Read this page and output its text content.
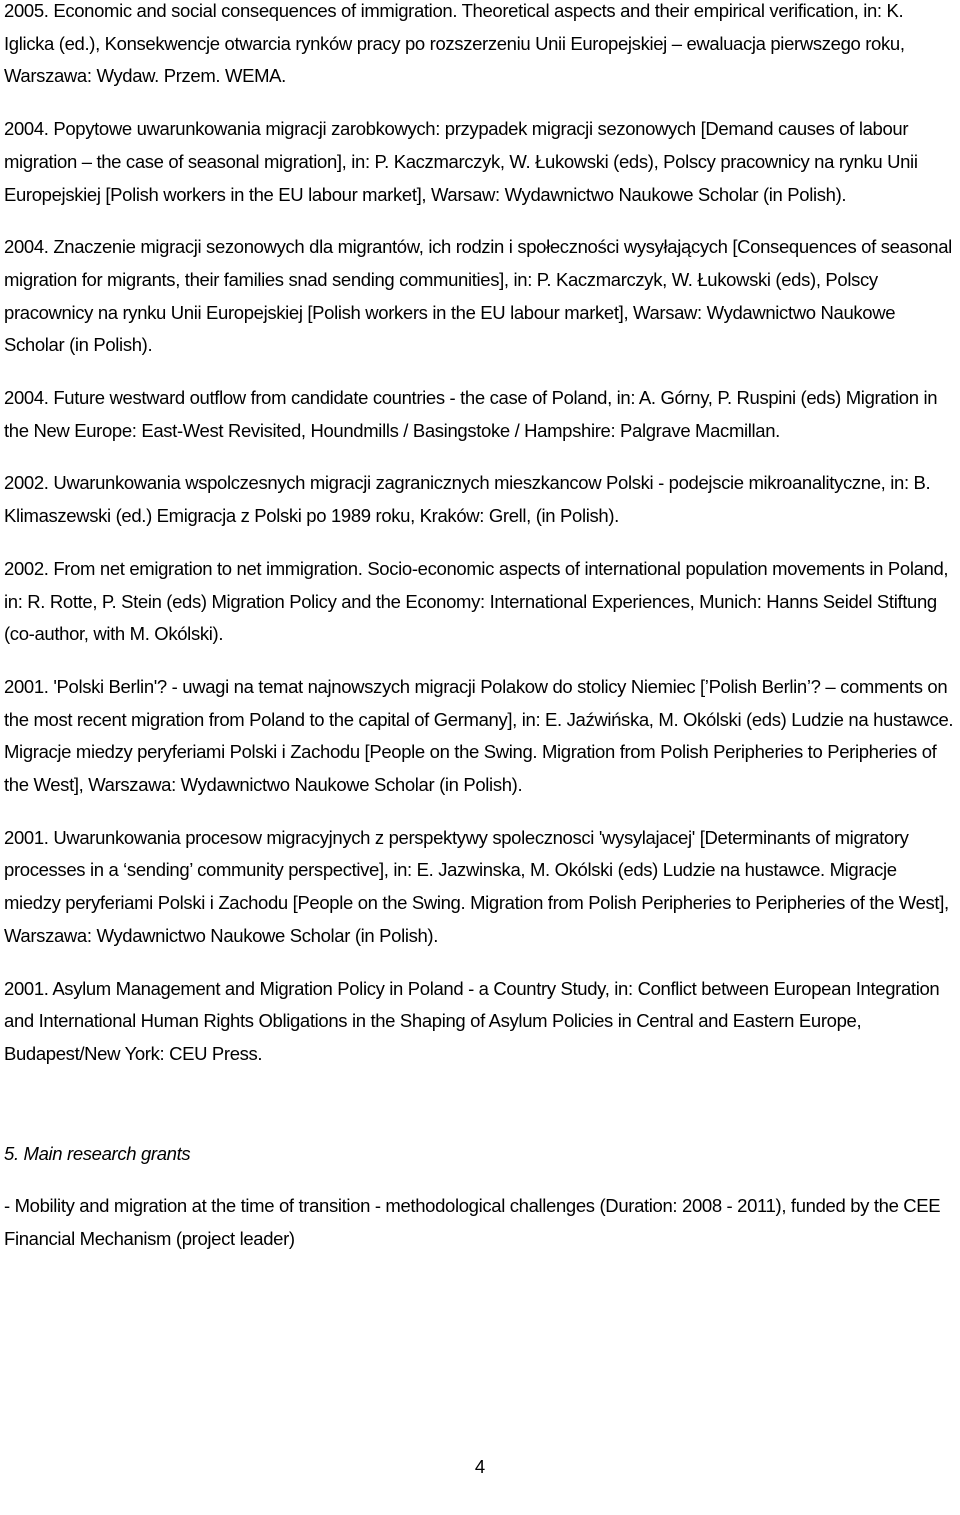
2005. Economic and social consequences of immigration. Theoretical aspects and their empirical verification, in: K. Iglicka (ed.), Konsekwencje otwarcia rynków pracy po rozszerzeniu Unii Europejskiej – ewaluacja pierwszego roku, Warszawa: Wydaw. Przem. WEMA.

2004. Popytowe uwarunkowania migracji zarobkowych: przypadek migracji sezonowych [Demand causes of labour migration – the case of seasonal migration], in: P. Kaczmarczyk, W. Łukowski (eds), Polscy pracownicy na rynku Unii Europejskiej [Polish workers in the EU labour market], Warsaw: Wydawnictwo Naukowe Scholar (in Polish).

2004. Znaczenie migracji sezonowych dla migrantów, ich rodzin i społeczności wysyłających [Consequences of seasonal migration for migrants, their families snad sending communities], in: P. Kaczmarczyk, W. Łukowski (eds), Polscy pracownicy na rynku Unii Europejskiej [Polish workers in the EU labour market], Warsaw: Wydawnictwo Naukowe Scholar (in Polish).

2004. Future westward outflow from candidate countries - the case of Poland, in: A. Górny, P. Ruspini (eds) Migration in the New Europe: East-West Revisited, Houndmills / Basingstoke / Hampshire: Palgrave Macmillan.

2002. Uwarunkowania wspolczesnych migracji zagranicznych mieszkancow Polski - podejscie mikroanalityczne, in: B. Klimaszewski (ed.) Emigracja z Polski po 1989 roku, Kraków: Grell, (in Polish).

2002. From net emigration to net immigration. Socio-economic aspects of international population movements in Poland, in: R. Rotte, P. Stein (eds) Migration Policy and the Economy: International Experiences, Munich: Hanns Seidel Stiftung (co-author, with M. Okólski).

2001. 'Polski Berlin'? - uwagi na temat najnowszych migracji Polakow do stolicy Niemiec [’Polish Berlin’? – comments on the most recent migration from Poland to the capital of Germany], in: E. Jaźwińska, M. Okólski (eds) Ludzie na hustawce. Migracje miedzy peryferiami Polski i Zachodu [People on the Swing. Migration from Polish Peripheries to Peripheries of the West], Warszawa: Wydawnictwo Naukowe Scholar (in Polish).

2001. Uwarunkowania procesow migracyjnych z perspektywy spolecznosci 'wysylajacej' [Determinants of migratory processes in a ‘sending’ community perspective], in: E. Jazwinska, M. Okólski (eds) Ludzie na hustawce. Migracje miedzy peryferiami Polski i Zachodu [People on the Swing. Migration from Polish Peripheries to Peripheries of the West], Warszawa: Wydawnictwo Naukowe Scholar (in Polish).

2001. Asylum Management and Migration Policy in Poland - a Country Study, in: Conflict between European Integration and International Human Rights Obligations in the Shaping of Asylum Policies in Central and Eastern Europe, Budapest/New York: CEU Press.

5. Main research grants

- Mobility and migration at the time of transition - methodological challenges (Duration: 2008 - 2011), funded by the CEE Financial Mechanism (project leader)

4
